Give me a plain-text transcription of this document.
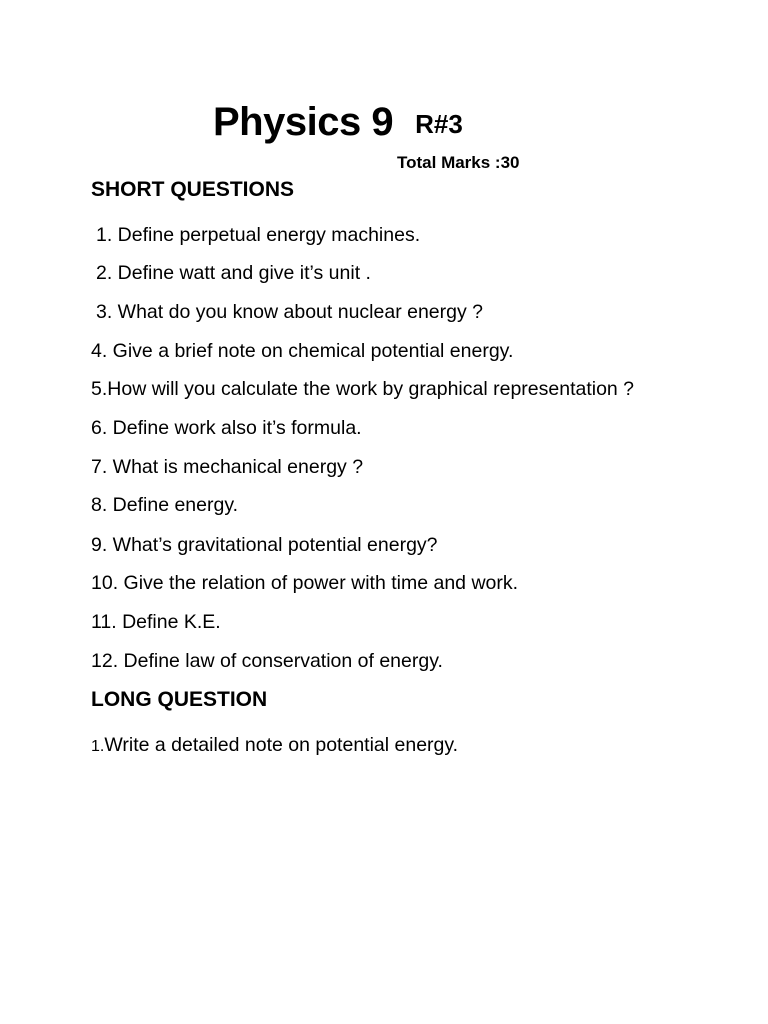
Physics 9 R#3
Total Marks :30
SHORT QUESTIONS
1. Define perpetual energy machines.
2. Define watt and give it’s unit .
3. What do you know about nuclear energy ?
4. Give a brief note on chemical potential energy.
5.How will you calculate the work by graphical representation ?
6. Define work also it’s formula.
7. What is mechanical energy ?
8. Define energy.
9. What’s gravitational potential energy?
10. Give the relation of power with time and work.
11. Define K.E.
12. Define law of conservation of energy.
LONG QUESTION
1.Write a detailed note on potential energy.
